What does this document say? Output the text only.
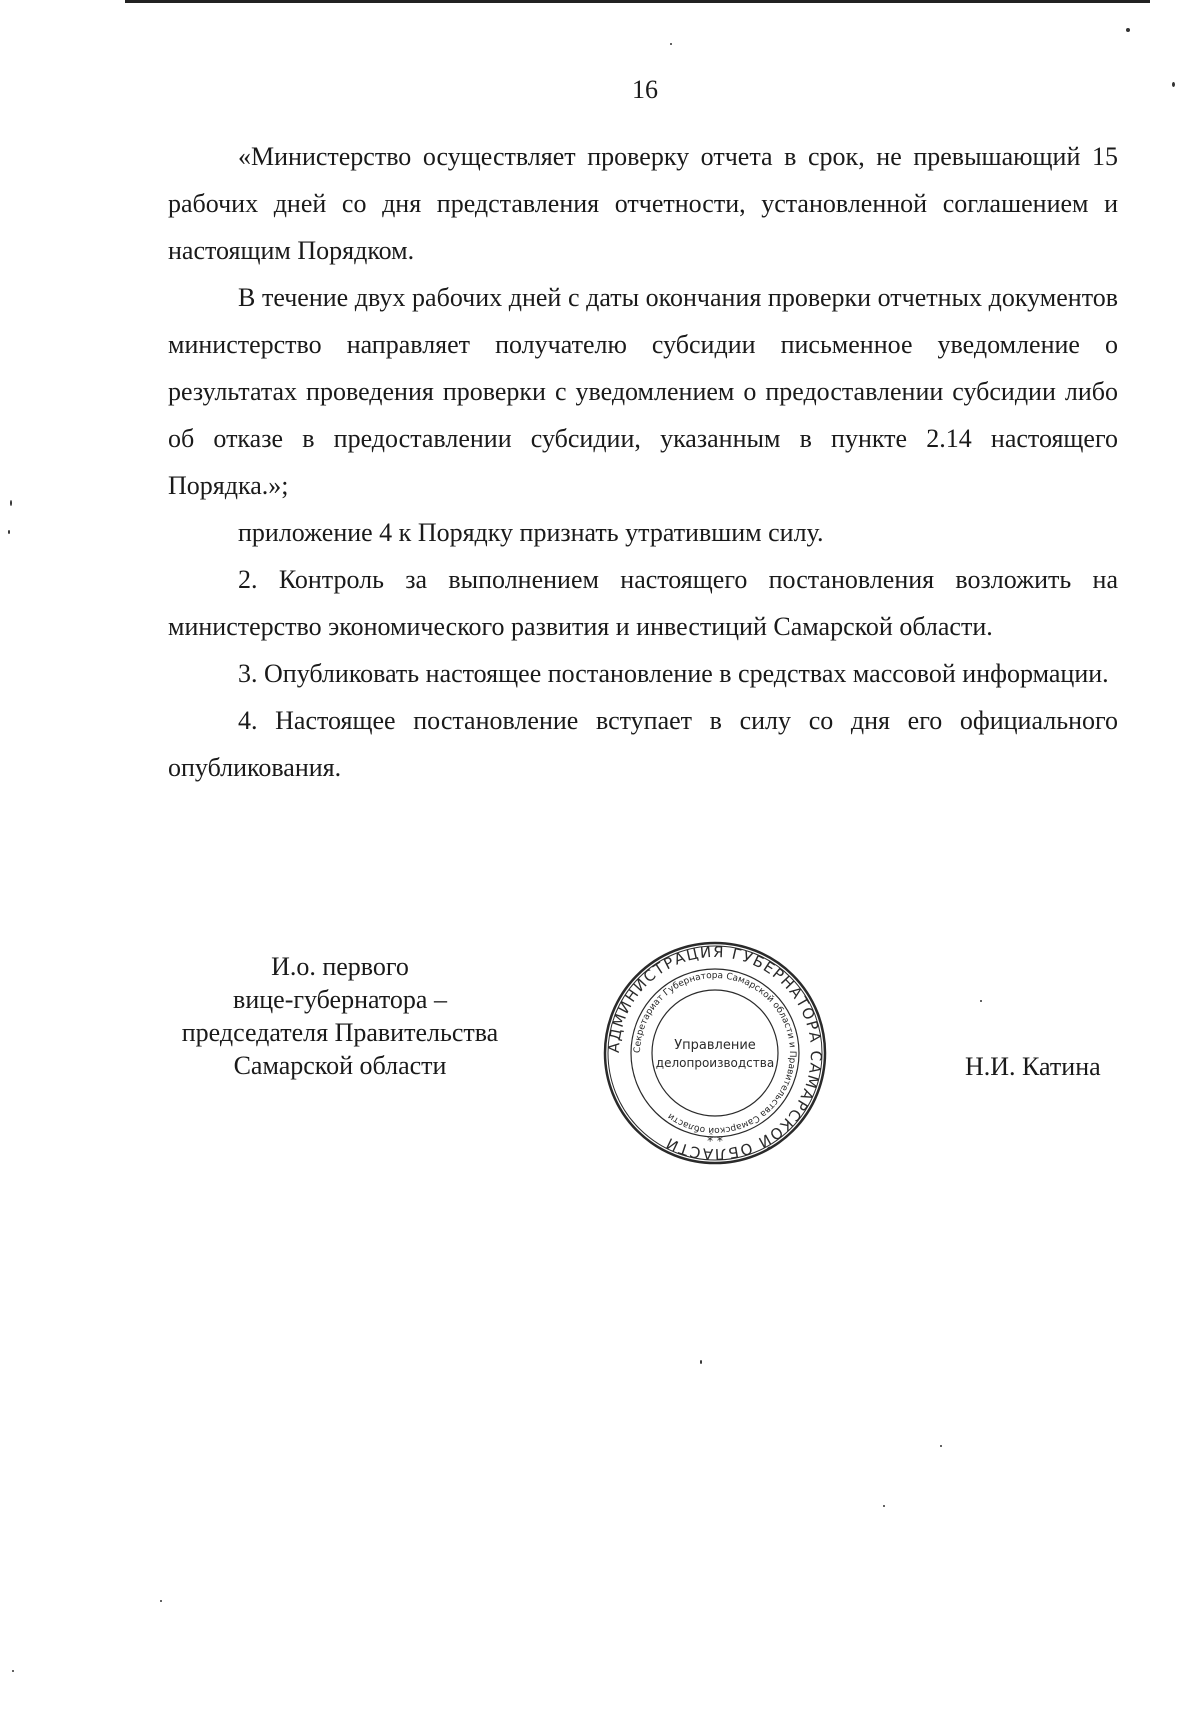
16

«Министерство осуществляет проверку отчета в срок, не превышающий 15 рабочих дней со дня представления отчетности, установленной соглашением и настоящим Порядком.

В течение двух рабочих дней с даты окончания проверки отчетных документов министерство направляет получателю субсидии письменное уведомление о результатах проведения проверки с уведомлением о предоставлении субсидии либо об отказе в предоставлении субсидии, указанным в пункте 2.14 настоящего Порядка.»;

приложение 4 к Порядку признать утратившим силу.

2. Контроль за выполнением настоящего постановления возложить на министерство экономического развития и инвестиций Самарской области.

3. Опубликовать настоящее постановление в средствах массовой информации.

4. Настоящее постановление вступает в силу со дня его официального опубликования.

И.о. первого
вице-губернатора –
председателя Правительства
Самарской области	Н.И. Катина
АДМИНИСТРАЦИЯ ГУБЕРНАТОРА САМАРСКОЙ ОБЛАСТИ
Секретариат Губернатора Самарской области и Правительства Самарской области
Управление
делопроизводства
* *
